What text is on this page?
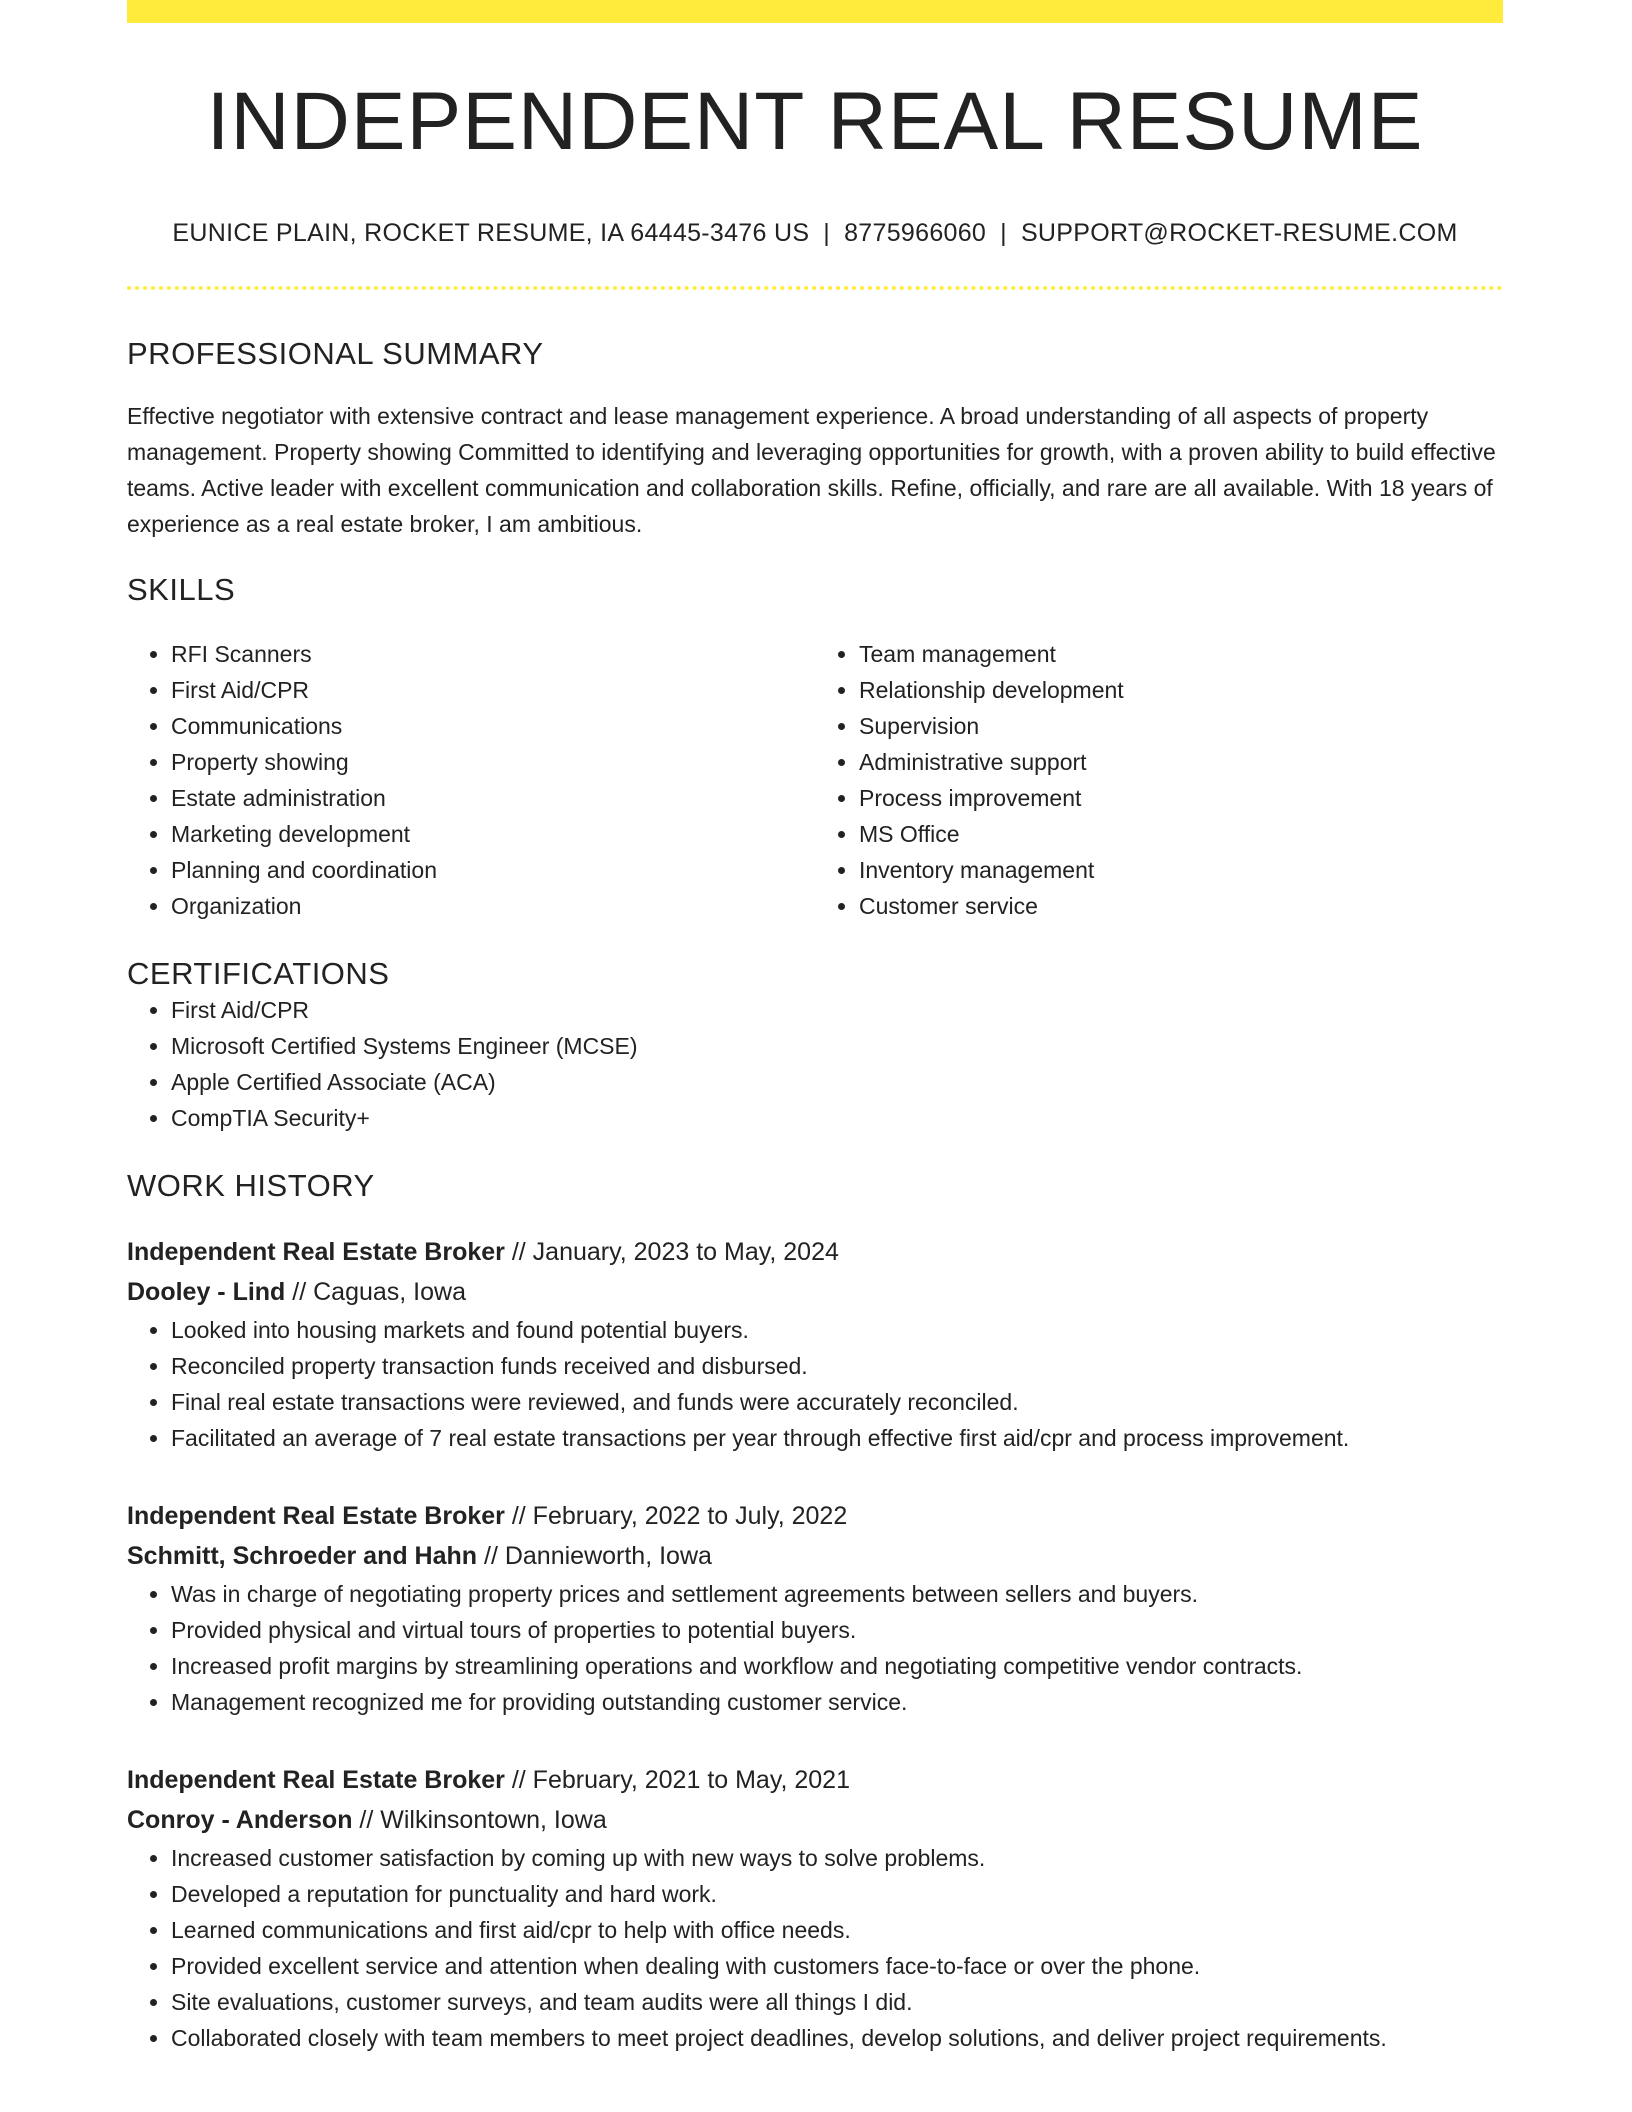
INDEPENDENT REAL RESUME
EUNICE PLAIN, ROCKET RESUME, IA 64445-3476 US | 8775966060 | SUPPORT@ROCKET-RESUME.COM
PROFESSIONAL SUMMARY

Effective negotiator with extensive contract and lease management experience. A broad understanding of all aspects of property management. Property showing Committed to identifying and leveraging opportunities for growth, with a proven ability to build effective teams. Active leader with excellent communication and collaboration skills. Refine, officially, and rare are all available. With 18 years of experience as a real estate broker, I am ambitious.

SKILLS
• RFI Scanners
• First Aid/CPR
• Communications
• Property showing
• Estate administration
• Marketing development
• Planning and coordination
• Organization
• Team management
• Relationship development
• Supervision
• Administrative support
• Process improvement
• MS Office
• Inventory management
• Customer service
CERTIFICATIONS
• First Aid/CPR
• Microsoft Certified Systems Engineer (MCSE)
• Apple Certified Associate (ACA)
• CompTIA Security+
WORK HISTORY
Independent Real Estate Broker // January, 2023 to May, 2024
Dooley - Lind // Caguas, Iowa
• Looked into housing markets and found potential buyers.
• Reconciled property transaction funds received and disbursed.
• Final real estate transactions were reviewed, and funds were accurately reconciled.
• Facilitated an average of 7 real estate transactions per year through effective first aid/cpr and process improvement.
Independent Real Estate Broker // February, 2022 to July, 2022
Schmitt, Schroeder and Hahn // Dannieworth, Iowa
• Was in charge of negotiating property prices and settlement agreements between sellers and buyers.
• Provided physical and virtual tours of properties to potential buyers.
• Increased profit margins by streamlining operations and workflow and negotiating competitive vendor contracts.
• Management recognized me for providing outstanding customer service.
Independent Real Estate Broker // February, 2021 to May, 2021
Conroy - Anderson // Wilkinsontown, Iowa
• Increased customer satisfaction by coming up with new ways to solve problems.
• Developed a reputation for punctuality and hard work.
• Learned communications and first aid/cpr to help with office needs.
• Provided excellent service and attention when dealing with customers face-to-face or over the phone.
• Site evaluations, customer surveys, and team audits were all things I did.
• Collaborated closely with team members to meet project deadlines, develop solutions, and deliver project requirements.
